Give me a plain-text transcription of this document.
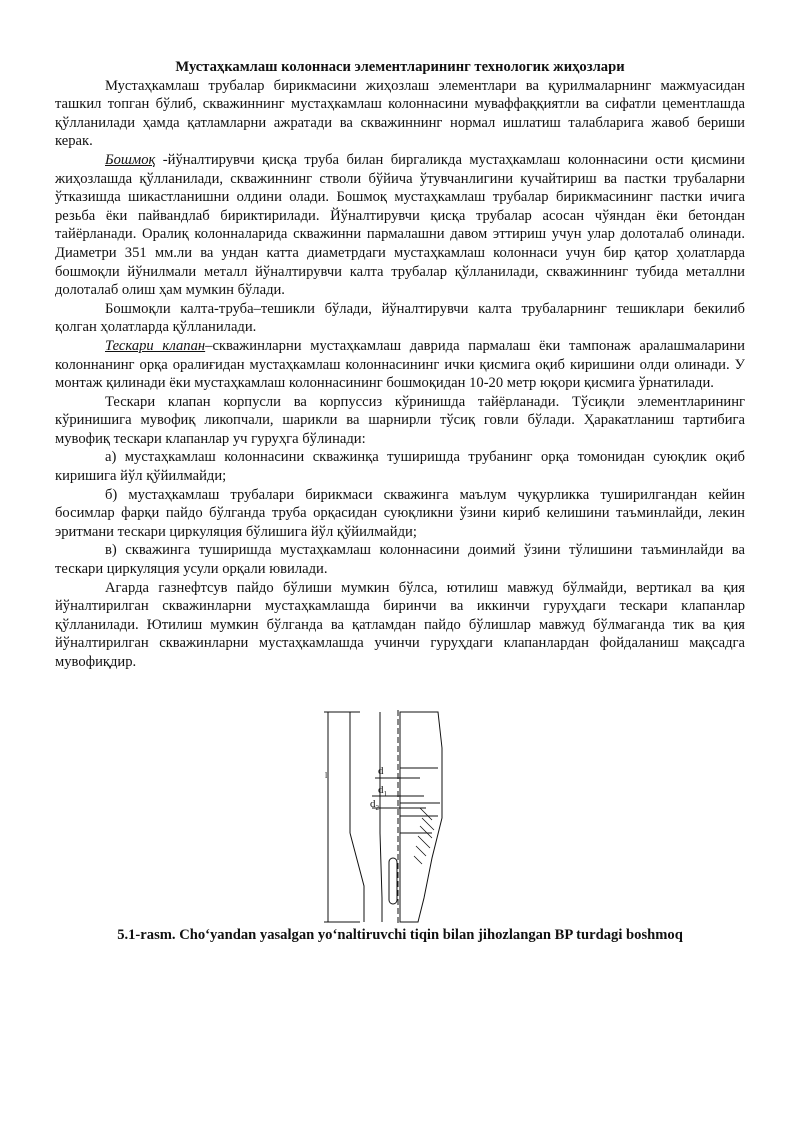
Мустаҳкамлаш колоннаси элементларининг технологик жиҳозлари

Мустаҳкамлаш трубалар бирикмасини жиҳозлаш элементлари ва қурилмаларнинг мажмуасидан ташкил топган бўлиб, скважиннинг мустаҳкамлаш колоннасини муваффаққиятли ва сифатли цементлашда қўлланилади ҳамда қатламларни ажратади ва скважиннинг нормал ишлатиш талабларига жавоб бериши керак.

Бошмоқ -йўналтирувчи қисқа труба билан биргаликда мустаҳкамлаш колоннасини ости қисмини жиҳозлашда қўлланилади, скважиннинг стволи бўйича ўтувчанлигини кучайтириш ва пастки трубаларни ўтказишда шикастланишни олдини олади. Бошмоқ мустаҳкамлаш трубалар бирикмасининг пастки ичига резьба ёки пайвандлаб бириктирилади. Йўналтирувчи қисқа трубалар асосан чўяндан ёки бетондан тайёрланади. Оралиқ колонналарида скважинни пармалашни давом эттириш учун улар долоталаб олинади. Диаметри 351 мм.ли ва ундан катта диаметрдаги мустаҳкамлаш колоннаси учун бир қатор ҳолатларда бошмоқли йўнилмали металл йўналтирувчи калта трубалар қўлланилади, скважиннинг тубида металлни долоталаб олиш ҳам мумкин бўлади.

Бошмоқли калта-труба–тешикли бўлади, йўналтирувчи калта трубаларнинг тешиклари бекилиб қолган ҳолатларда қўлланилади.

Тескари клапан–скважинларни мустаҳкамлаш даврида пармалаш ёки тампонаж аралашмаларини колоннанинг орқа оралиғидан мустаҳкамлаш колоннасининг ички қисмига оқиб киришини олди олинади. У монтаж қилинади ёки мустаҳкамлаш колоннасининг бошмоқидан 10-20 метр юқори қисмига ўрнатилади.

Тескари клапан корпусли ва корпуссиз кўринишда тайёрланади. Тўсиқли элементларининг кўринишига мувофиқ ликопчали, шарикли ва шарнирли тўсиқ говли бўлади. Ҳаракатланиш тартибига мувофиқ тескари клапанлар уч гуруҳга бўлинади:

а) мустаҳкамлаш колоннасини скважинқа туширишда трубанинг орқа томонидан суюқлик оқиб киришига йўл қўйилмайди;

б) мустаҳкамлаш трубалари бирикмаси скважинга маълум чуқурликка туширилгандан кейин босимлар фарқи пайдо бўлганда труба орқасидан суюқликни ўзини кириб келишини таъминлайди, лекин эритмани тескари циркуляция бўлишига йўл қўйилмайди;

в) скважинга туширишда мустаҳкамлаш колоннасини доимий ўзини тўлишини таъминлайди ва тескари циркуляция усули орқали ювилади.

Агарда газнефтсув пайдо бўлиши мумкин бўлса, ютилиш мавжуд бўлмайди, вертикал ва қия йўналтирилган скважинларни мустаҳкамлашда биринчи ва иккинчи гуруҳдаги тескари клапанлар қўлланилади. Ютилиш мумкин бўлганда ва қатламдан пайдо бўлишлар мавжуд бўлмаганда тик ва қия йўналтирилган скважинларни мустаҳкамлашда учинчи гуруҳдаги клапанлардан фойдаланиш мақсадга мувофиқдир.

l	d
$d_1$
$d_2$
5.1-rasm. Cho‘yandan yasalgan yo‘naltiruvchi tiqin bilan jihozlangan BP turdagi boshmoq
